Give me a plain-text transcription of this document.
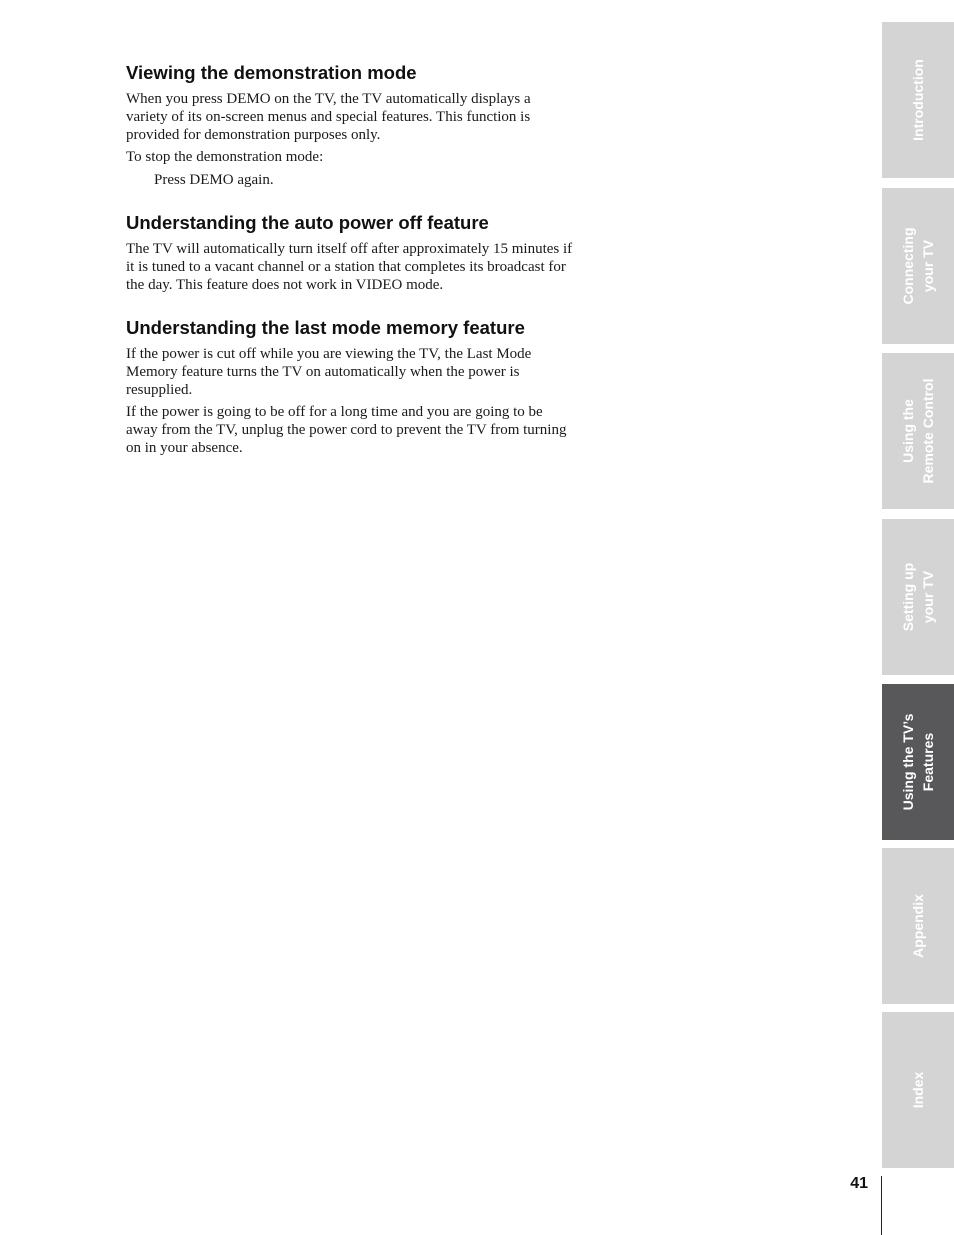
Viewing the demonstration mode

When you press DEMO on the TV, the TV automatically displays a variety of its on-screen menus and special features. This function is provided for demonstration purposes only.

To stop the demonstration mode:

Press DEMO again.

Understanding the auto power off feature

The TV will automatically turn itself off after approximately 15 minutes if it is tuned to a vacant channel or a station that completes its broadcast for the day. This feature does not work in VIDEO mode.

Understanding the last mode memory feature

If the power is cut off while you are viewing the TV, the Last Mode Memory feature turns the TV on automatically when the power is resupplied.

If the power is going to be off for a long time and you are going to be away from the TV, unplug the power cord to prevent the TV from turning on in your absence.

Introduction
Connecting your TV
Using the Remote Control
Setting up your TV
Using the TV’s Features
Appendix
Index
41
